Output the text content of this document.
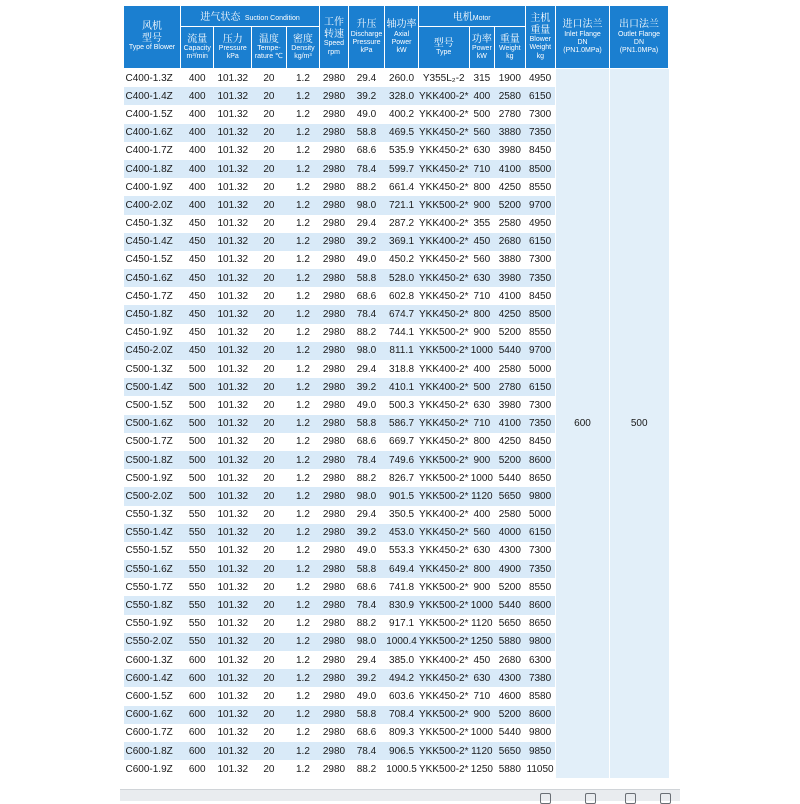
风机
型号
Type of Blower	进气状态 Suction Condition				工作
转速
Speed
rpm	升压
Discharge
Pressure
kPa	轴功率
Axial
Power
kW	电机Motor			主机
重量
Blower
Weight
kg	进口法兰
Inlet Flange
DN
(PN1.0MPa)	出口法兰
Outlet Flange
DN
(PN1.0MPa)

	流量
Capacity
m³/min	压力
Pressure
kPa	温度
Tempe-
rature ℃	密度
Density
kg/m³				型号
Type	功率
Power
kW	重量
Weight
kg			

C400-1.3Z	400	101.32	20	1.2	2980	29.4	260.0	Y355L₂-2	315	1900	4950	600	500
C400-1.4Z	400	101.32	20	1.2	2980	39.2	328.0	YKK400-2*	400	2580	6150		
C400-1.5Z	400	101.32	20	1.2	2980	49.0	400.2	YKK400-2*	500	2780	7300		
C400-1.6Z	400	101.32	20	1.2	2980	58.8	469.5	YKK450-2*	560	3880	7350		
C400-1.7Z	400	101.32	20	1.2	2980	68.6	535.9	YKK450-2*	630	3980	8450		
C400-1.8Z	400	101.32	20	1.2	2980	78.4	599.7	YKK450-2*	710	4100	8500		
C400-1.9Z	400	101.32	20	1.2	2980	88.2	661.4	YKK450-2*	800	4250	8550		
C400-2.0Z	400	101.32	20	1.2	2980	98.0	721.1	YKK500-2*	900	5200	9700		
C450-1.3Z	450	101.32	20	1.2	2980	29.4	287.2	YKK400-2*	355	2580	4950		
C450-1.4Z	450	101.32	20	1.2	2980	39.2	369.1	YKK400-2*	450	2680	6150		
C450-1.5Z	450	101.32	20	1.2	2980	49.0	450.2	YKK450-2*	560	3880	7300		
C450-1.6Z	450	101.32	20	1.2	2980	58.8	528.0	YKK450-2*	630	3980	7350		
C450-1.7Z	450	101.32	20	1.2	2980	68.6	602.8	YKK450-2*	710	4100	8450		
C450-1.8Z	450	101.32	20	1.2	2980	78.4	674.7	YKK450-2*	800	4250	8500		
C450-1.9Z	450	101.32	20	1.2	2980	88.2	744.1	YKK500-2*	900	5200	8550		
C450-2.0Z	450	101.32	20	1.2	2980	98.0	811.1	YKK500-2*	1000	5440	9700		
C500-1.3Z	500	101.32	20	1.2	2980	29.4	318.8	YKK400-2*	400	2580	5000		
C500-1.4Z	500	101.32	20	1.2	2980	39.2	410.1	YKK400-2*	500	2780	6150		
C500-1.5Z	500	101.32	20	1.2	2980	49.0	500.3	YKK450-2*	630	3980	7300		
C500-1.6Z	500	101.32	20	1.2	2980	58.8	586.7	YKK450-2*	710	4100	7350		
C500-1.7Z	500	101.32	20	1.2	2980	68.6	669.7	YKK450-2*	800	4250	8450		
C500-1.8Z	500	101.32	20	1.2	2980	78.4	749.6	YKK500-2*	900	5200	8600		
C500-1.9Z	500	101.32	20	1.2	2980	88.2	826.7	YKK500-2*	1000	5440	8650		
C500-2.0Z	500	101.32	20	1.2	2980	98.0	901.5	YKK500-2*	1120	5650	9800		
C550-1.3Z	550	101.32	20	1.2	2980	29.4	350.5	YKK400-2*	400	2580	5000		
C550-1.4Z	550	101.32	20	1.2	2980	39.2	453.0	YKK450-2*	560	4000	6150		
C550-1.5Z	550	101.32	20	1.2	2980	49.0	553.3	YKK450-2*	630	4300	7300		
C550-1.6Z	550	101.32	20	1.2	2980	58.8	649.4	YKK450-2*	800	4900	7350		
C550-1.7Z	550	101.32	20	1.2	2980	68.6	741.8	YKK500-2*	900	5200	8550		
C550-1.8Z	550	101.32	20	1.2	2980	78.4	830.9	YKK500-2*	1000	5440	8600		
C550-1.9Z	550	101.32	20	1.2	2980	88.2	917.1	YKK500-2*	1120	5650	8650		
C550-2.0Z	550	101.32	20	1.2	2980	98.0	1000.4	YKK500-2*	1250	5880	9800		
C600-1.3Z	600	101.32	20	1.2	2980	29.4	385.0	YKK400-2*	450	2680	6300		
C600-1.4Z	600	101.32	20	1.2	2980	39.2	494.2	YKK450-2*	630	4300	7380		
C600-1.5Z	600	101.32	20	1.2	2980	49.0	603.6	YKK450-2*	710	4600	8580		
C600-1.6Z	600	101.32	20	1.2	2980	58.8	708.4	YKK500-2*	900	5200	8600		
C600-1.7Z	600	101.32	20	1.2	2980	68.6	809.3	YKK500-2*	1000	5440	9800		
C600-1.8Z	600	101.32	20	1.2	2980	78.4	906.5	YKK500-2*	1120	5650	9850		
C600-1.9Z	600	101.32	20	1.2	2980	88.2	1000.5	YKK500-2*	1250	5880	11050		
